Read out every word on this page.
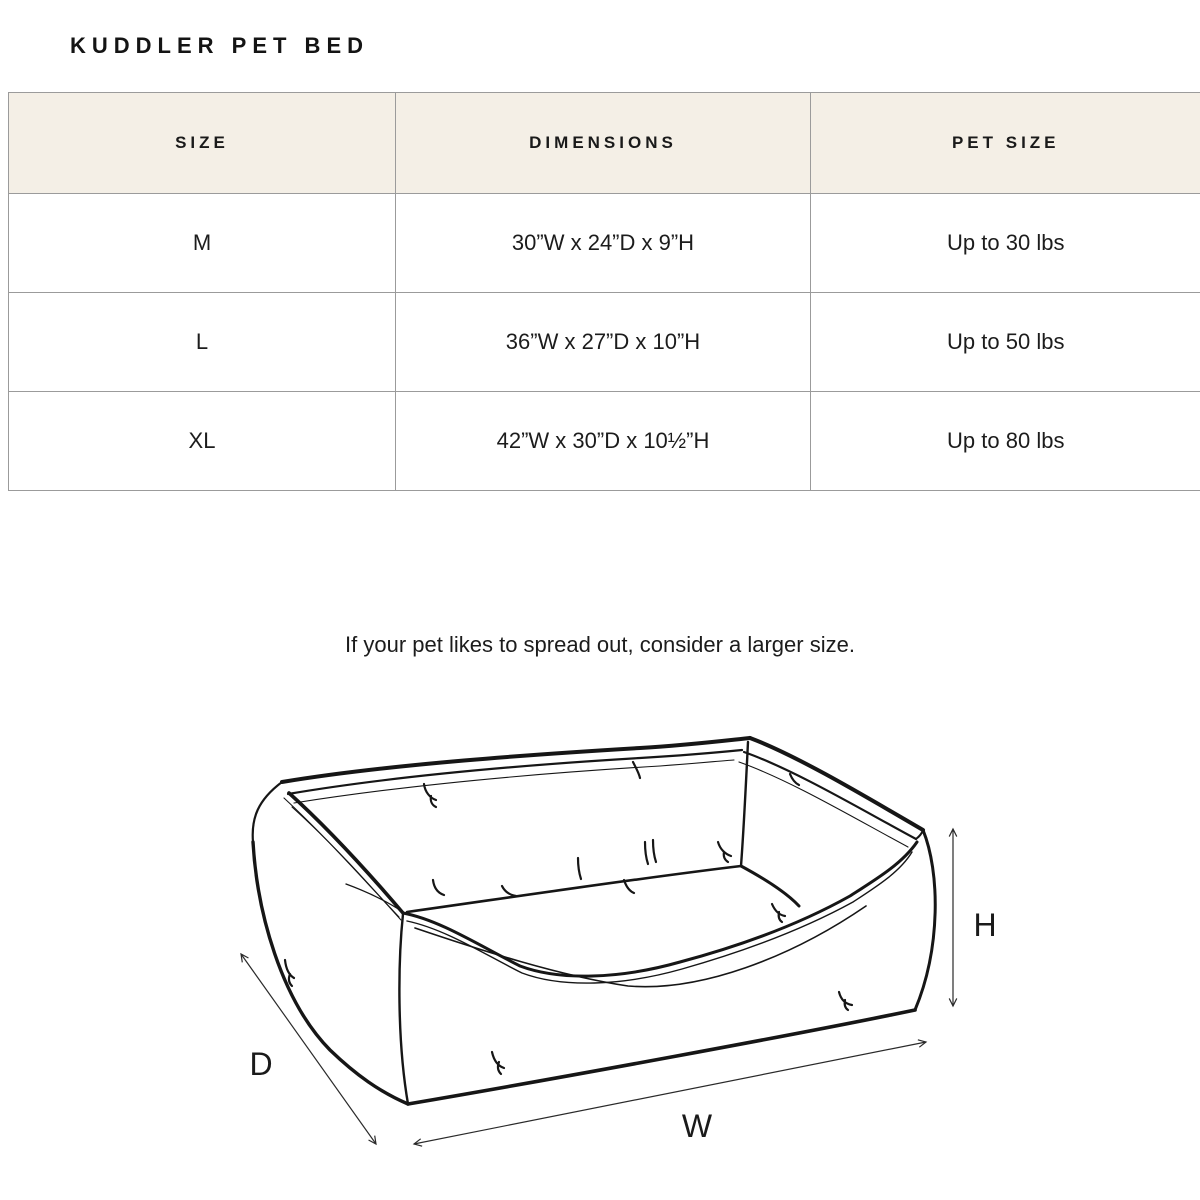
KUDDLER PET BED
SIZE	DIMENSIONS	PET SIZE
M	30”W x 24”D x 9”H	Up to 30 lbs
L	36”W x 27”D x 10”H	Up to 50 lbs
XL	42”W x 30”D x 10½”H	Up to 80 lbs

If your pet likes to spread out, consider a larger size.

H
D
W
